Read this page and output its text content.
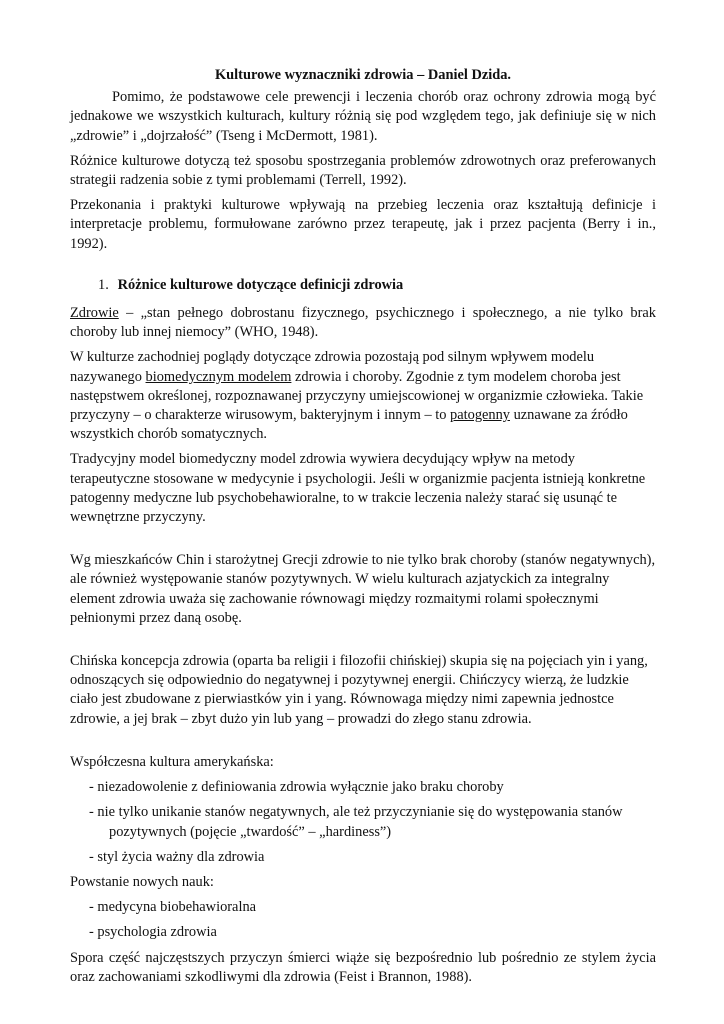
Kulturowe wyznaczniki zdrowia – Daniel Dzida.

Pomimo, że podstawowe cele prewencji i leczenia chorób oraz ochrony zdrowia mogą być jednakowe we wszystkich kulturach, kultury różnią się pod względem tego, jak definiuje się w nich „zdrowie” i „dojrzałość” (Tseng i McDermott, 1981).

Różnice kulturowe dotyczą też sposobu spostrzegania problemów zdrowotnych oraz preferowanych strategii radzenia sobie z tymi problemami (Terrell, 1992).

Przekonania i praktyki kulturowe wpływają na przebieg leczenia oraz kształtują definicje i interpretacje problemu, formułowane zarówno przez terapeutę, jak i przez pacjenta (Berry i in., 1992).

1. Różnice kulturowe dotyczące definicji zdrowia

Zdrowie – „stan pełnego dobrostanu fizycznego, psychicznego i społecznego, a nie tylko brak choroby lub innej niemocy” (WHO, 1948).

W kulturze zachodniej poglądy dotyczące zdrowia pozostają pod silnym wpływem modelu nazywanego biomedycznym modelem zdrowia i choroby. Zgodnie z tym modelem choroba jest następstwem określonej, rozpoznawanej przyczyny umiejscowionej w organizmie człowieka. Takie przyczyny – o charakterze wirusowym, bakteryjnym i innym – to patogenny uznawane za źródło wszystkich chorób somatycznych.

Tradycyjny model biomedyczny model zdrowia wywiera decydujący wpływ na metody terapeutyczne stosowane w medycynie i psychologii. Jeśli w organizmie pacjenta istnieją konkretne patogenny medyczne lub psychobehawioralne, to w trakcie leczenia należy starać się usunąć te wewnętrzne przyczyny.

Wg mieszkańców Chin i starożytnej Grecji zdrowie to nie tylko brak choroby (stanów negatywnych), ale również występowanie stanów pozytywnych. W wielu kulturach azjatyckich za integralny element zdrowia uważa się zachowanie równowagi między rozmaitymi rolami społecznymi pełnionymi przez daną osobę.

Chińska koncepcja zdrowia (oparta ba religii i filozofii chińskiej) skupia się na pojęciach yin i yang, odnoszących się odpowiednio do negatywnej i pozytywnej energii. Chińczycy wierzą, że ludzkie ciało jest zbudowane z pierwiastków yin i yang. Równowaga między nimi zapewnia jednostce zdrowie, a jej brak – zbyt dużo yin lub yang – prowadzi do złego stanu zdrowia.

Współczesna kultura amerykańska:

- niezadowolenie z definiowania zdrowia wyłącznie jako braku choroby

- nie tylko unikanie stanów negatywnych, ale też przyczynianie się do występowania stanów
pozytywnych (pojęcie „twardość” – „hardiness”)

- styl życia ważny dla zdrowia

Powstanie nowych nauk:

- medycyna biobehawioralna

- psychologia zdrowia

Spora część najczęstszych przyczyn śmierci wiąże się bezpośrednio lub pośrednio ze stylem życia oraz zachowaniami szkodliwymi dla zdrowia (Feist i Brannon, 1988).
